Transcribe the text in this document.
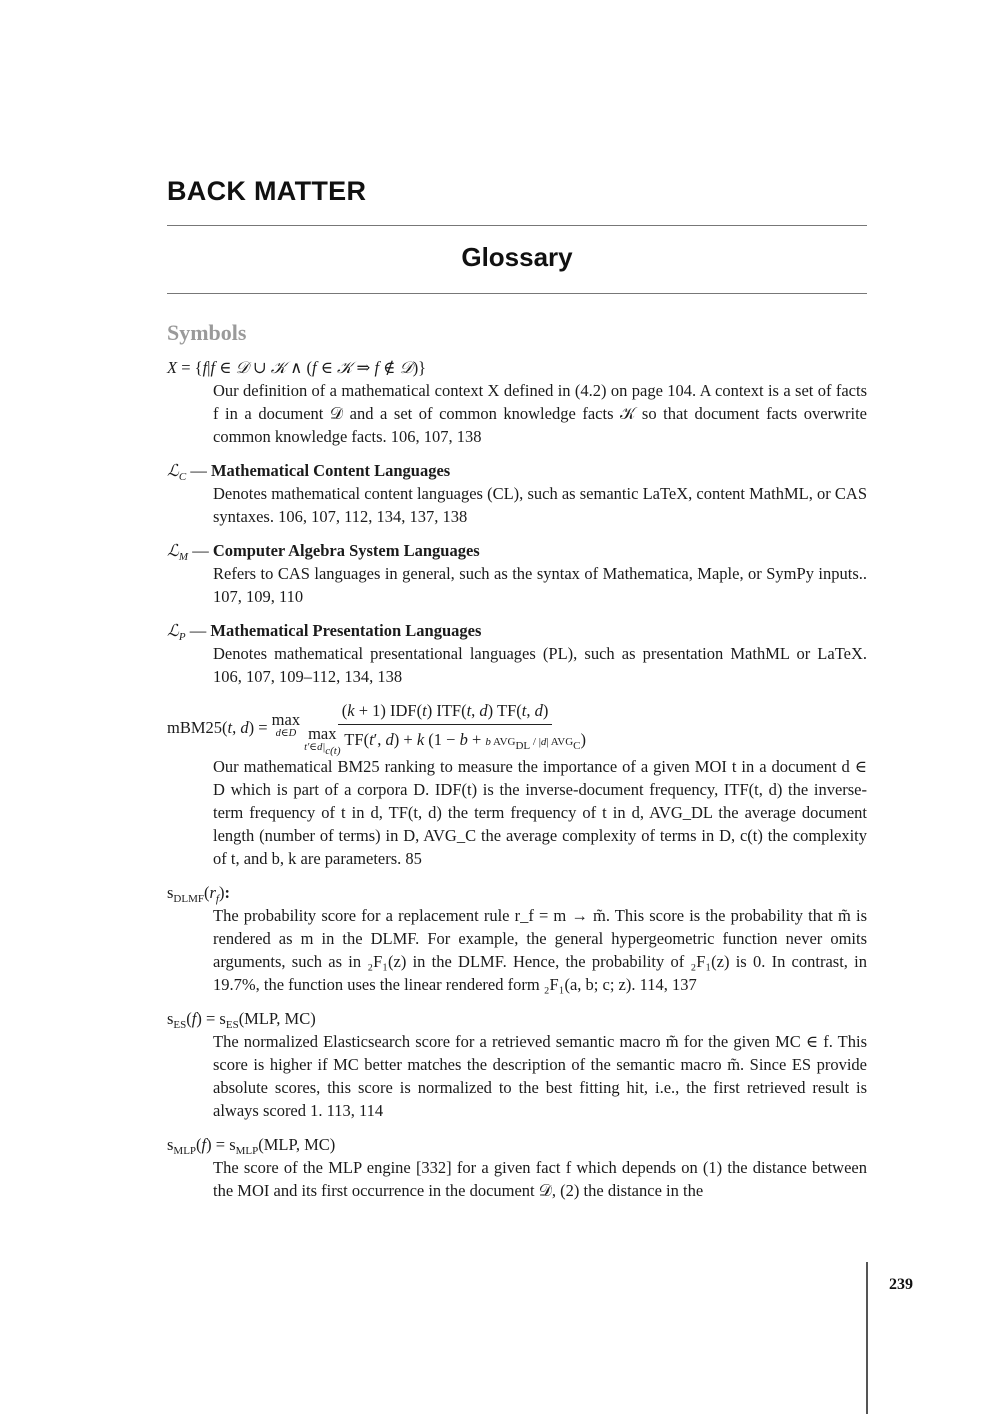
BACK MATTER
Glossary
Symbols
X = {f|f ∈ 𝒟 ∪ 𝒦 ∧ (f ∈ 𝒦 ⇒ f ∉ 𝒟)}
Our definition of a mathematical context X defined in (4.2) on page 104. A context is a set of facts f in a document 𝒟 and a set of common knowledge facts 𝒦 so that document facts overwrite common knowledge facts. 106, 107, 138
ℒ$_C$ — Mathematical Content Languages
Denotes mathematical content languages (CL), such as semantic LaTeX, content MathML, or CAS syntaxes. 106, 107, 112, 134, 137, 138
ℒ$_M$ — Computer Algebra System Languages
Refers to CAS languages in general, such as the syntax of Mathematica, Maple, or SymPy inputs.. 107, 109, 110
ℒ$_P$ — Mathematical Presentation Languages
Denotes mathematical presentational languages (PL), such as presentation MathML or LaTeX. 106, 107, 109–112, 134, 138
mBM25(t, d) = max
d∈D (k + 1) IDF(t) ITF(t, d) TF(t, d)
max
$t'\in d|_{c(t)}$
TF(t′, d) + k (1 − b + b $AVG_{DL} / |d|$ $AVG_C$)
Our mathematical BM25 ranking to measure the importance of a given MOI t in a document d ∈ D which is part of a corpora D. IDF(t) is the inverse-document frequency, ITF(t, d) the inverse-term frequency of t in d, TF(t, d) the term frequency of t in d, AVG_DL the average document length (number of terms) in D, AVG_C the average complexity of terms in D, c(t) the complexity of t, and b, k are parameters. 85
$s_{DLMF}(r_f)$:
The probability score for a replacement rule r_f = m → m̃. This score is the probability that m̃ is rendered as m in the DLMF. For example, the general hypergeometric function never omits arguments, such as in ₂F₁(z) in the DLMF. Hence, the probability of ₂F₁(z) is 0. In contrast, in 19.7%, the function uses the linear rendered form ₂F₁(a, b; c; z). 114, 137
$s_{ES}(f) = s_{ES}(MLP$, MC)
The normalized Elasticsearch score for a retrieved semantic macro m̃ for the given MC ∈ f. This score is higher if MC better matches the description of the semantic macro m̃. Since ES provide absolute scores, this score is normalized to the best fitting hit, i.e., the first retrieved result is always scored 1. 113, 114
$s_{MLP}(f) = s_{MLP}(MLP$, MC)
The score of the MLP engine [332] for a given fact f which depends on (1) the distance between the MOI and its first occurrence in the document 𝒟, (2) the distance in the
239
